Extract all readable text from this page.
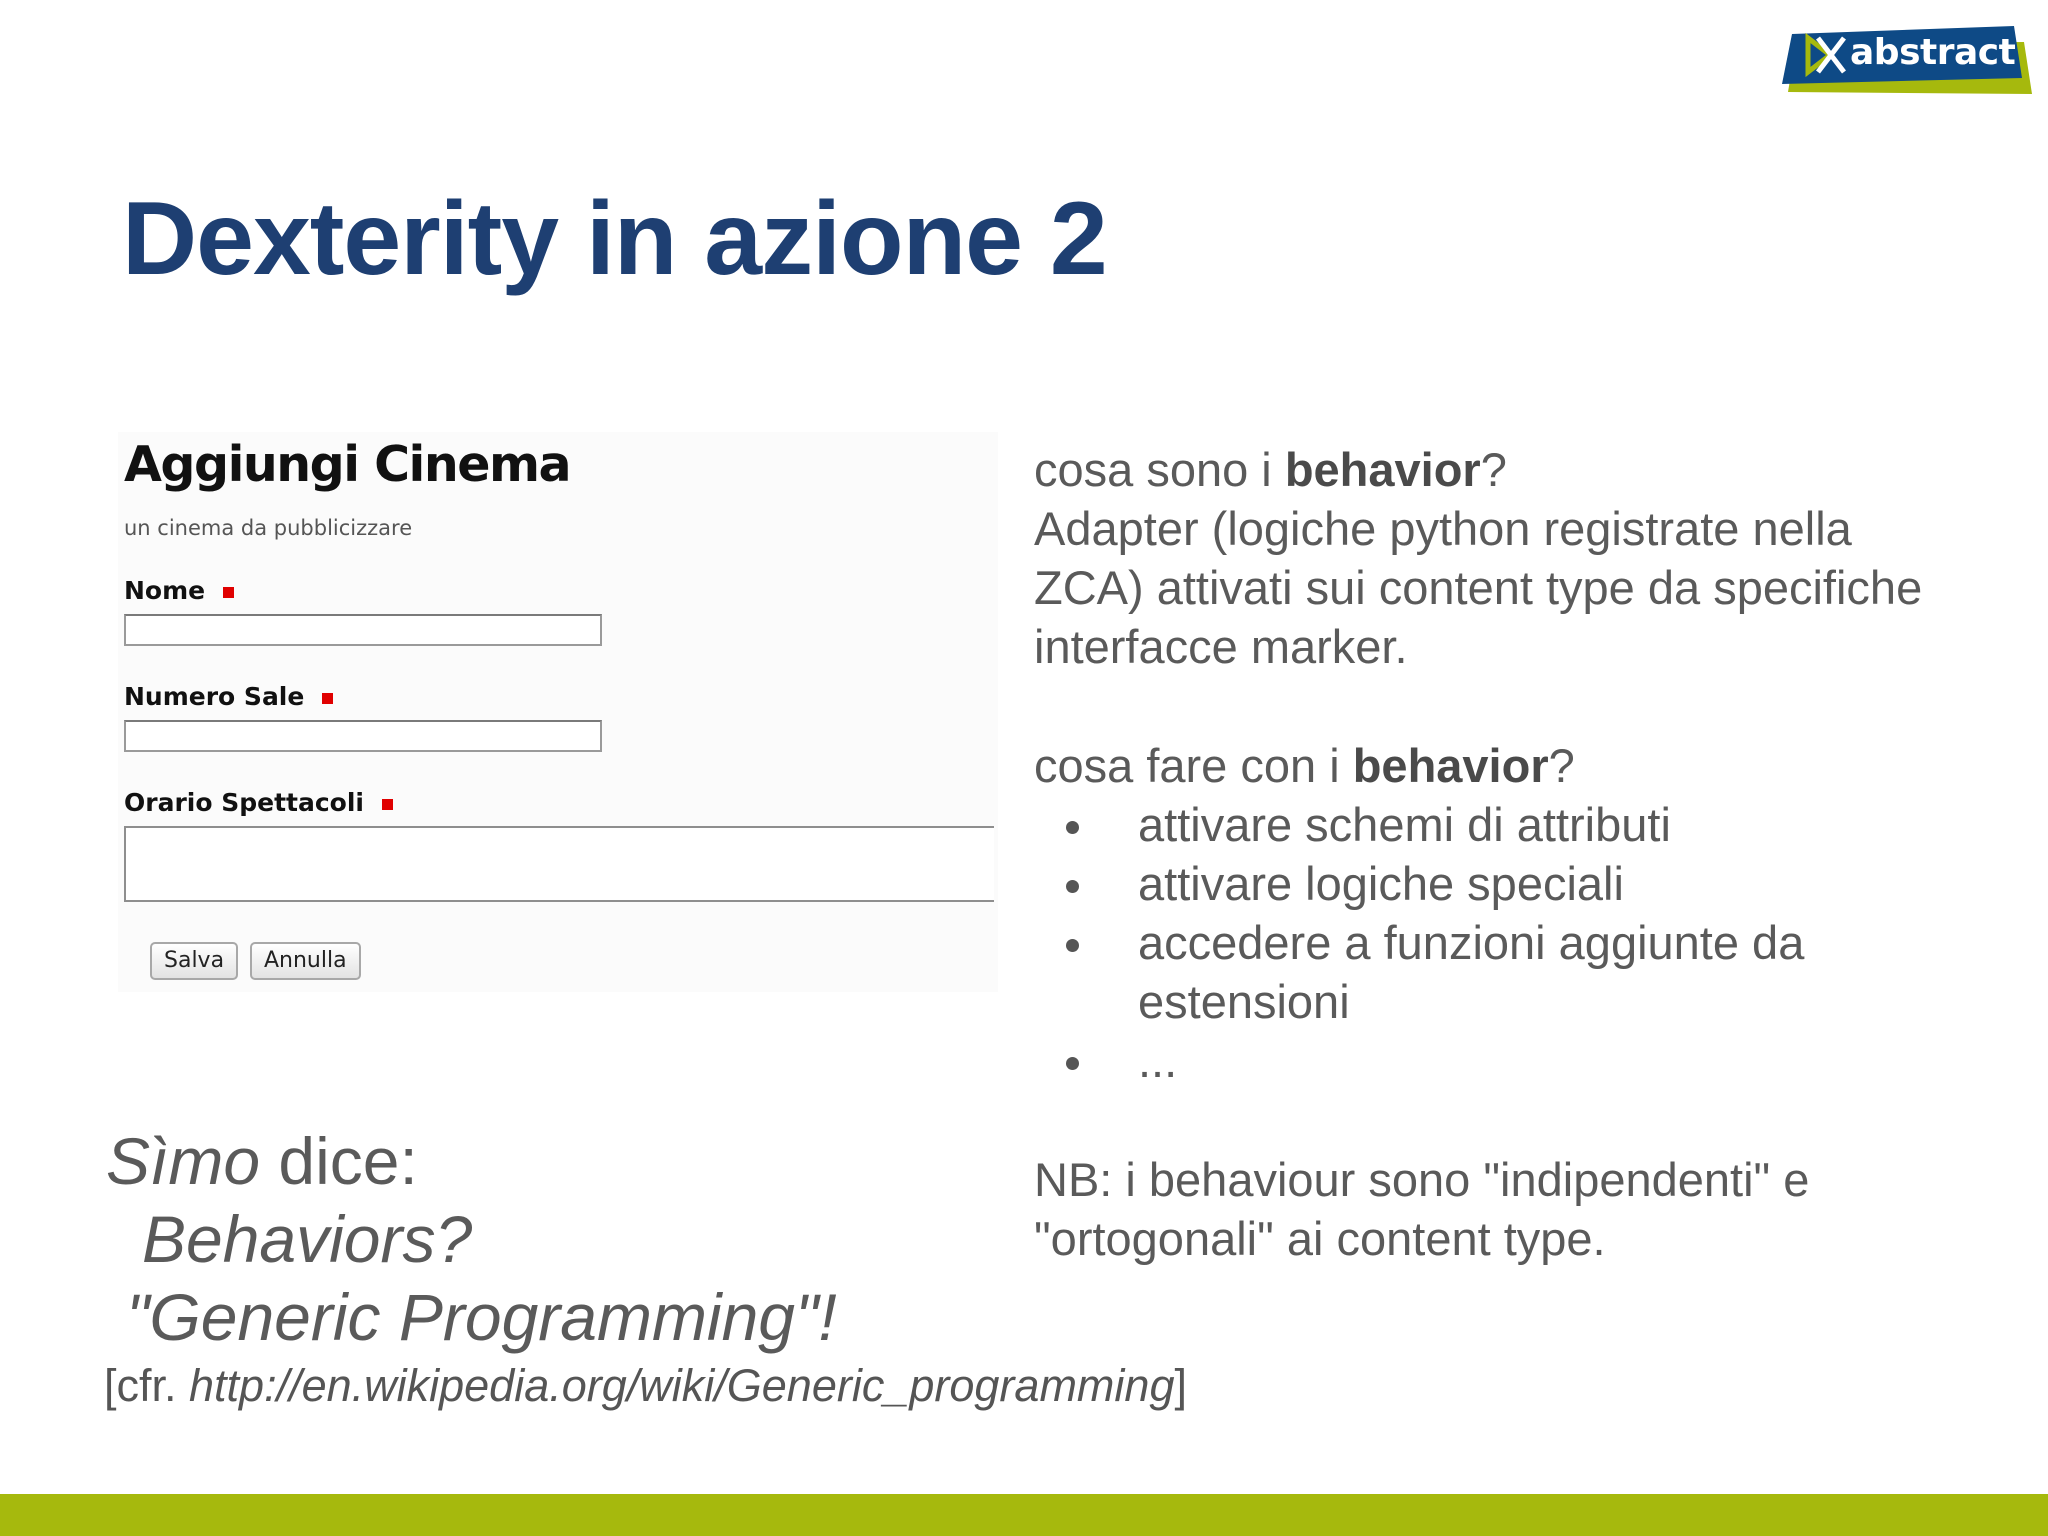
abstract
Dexterity in azione 2
Aggiungi Cinema
un cinema da pubblicizzare
Nome
Numero Sale
Orario Spettacoli
Salva	Annulla

cosa sono i behavior?

Adapter (logiche python registrate nella ZCA) attivati sui content type da specifiche interfacce marker.

cosa fare con i behavior?

attivare schemi di attributi
attivare logiche speciali
accedere a funzioni aggiunte da estensioni
...

NB: i behaviour sono "indipendenti" e "ortogonali" ai content type.

Sìmo dice:
Behaviors?
"Generic Programming"!
[cfr. http://en.wikipedia.org/wiki/Generic_programming]
